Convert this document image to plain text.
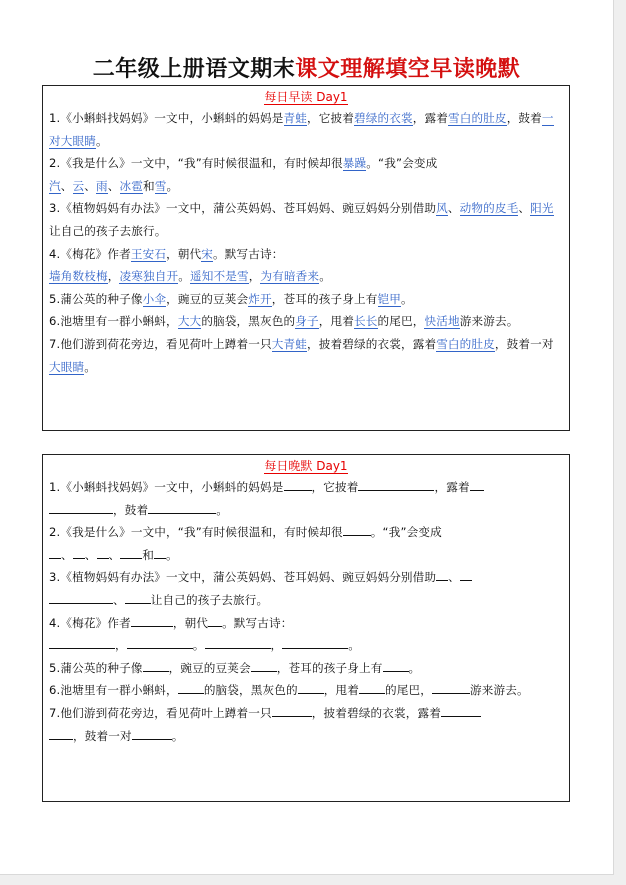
二年级上册语文期末课文理解填空早读晚默
每日早读 Day1

1.《小蝌蚪找妈妈》一文中，小蝌蚪的妈妈是青蛙，它披着碧绿的衣裳，露着雪白的肚皮，鼓着一对大眼睛。

2.《我是什么》一文中，“我”有时候很温和，有时候却很暴躁。“我”会变成
汽、云、雨、冰雹和雪。

3.《植物妈妈有办法》一文中，蒲公英妈妈、苍耳妈妈、豌豆妈妈分别借助风、动物的皮毛、阳光让自己的孩子去旅行。

4.《梅花》作者王安石，朝代宋。默写古诗：
墙角数枝梅，凌寒独自开。遥知不是雪，为有暗香来。

5.蒲公英的种子像小伞，豌豆的豆荚会炸开，苍耳的孩子身上有铠甲。

6.池塘里有一群小蝌蚪，大大的脑袋，黑灰色的身子，甩着长长的尾巴，快活地游来游去。

7.他们游到荷花旁边，看见荷叶上蹲着一只大青蛙，披着碧绿的衣裳，露着雪白的肚皮，鼓着一对大眼睛。

每日晚默 Day1

1.《小蝌蚪找妈妈》一文中，小蝌蚪的妈妈是 ，它披着	，露着
，鼓着	。

2.《我是什么》一文中，“我”有时候很温和，有时候却很 。“我”会变成
、 、 、 和 。

3.《植物妈妈有办法》一文中，蒲公英妈妈、苍耳妈妈、豌豆妈妈分别借助 、
、 让自己的孩子去旅行。

4.《梅花》作者	，朝代 。默写古诗：
，	。	，	。

5.蒲公英的种子像 ，豌豆的豆荚会 ，苍耳的孩子身上有 。

6.池塘里有一群小蝌蚪， 的脑袋，黑灰色的 ，甩着 的尾巴，	游来游去。

7.他们游到荷花旁边，看见荷叶上蹲着一只	，披着碧绿的衣裳，露着
，鼓着一对	。
